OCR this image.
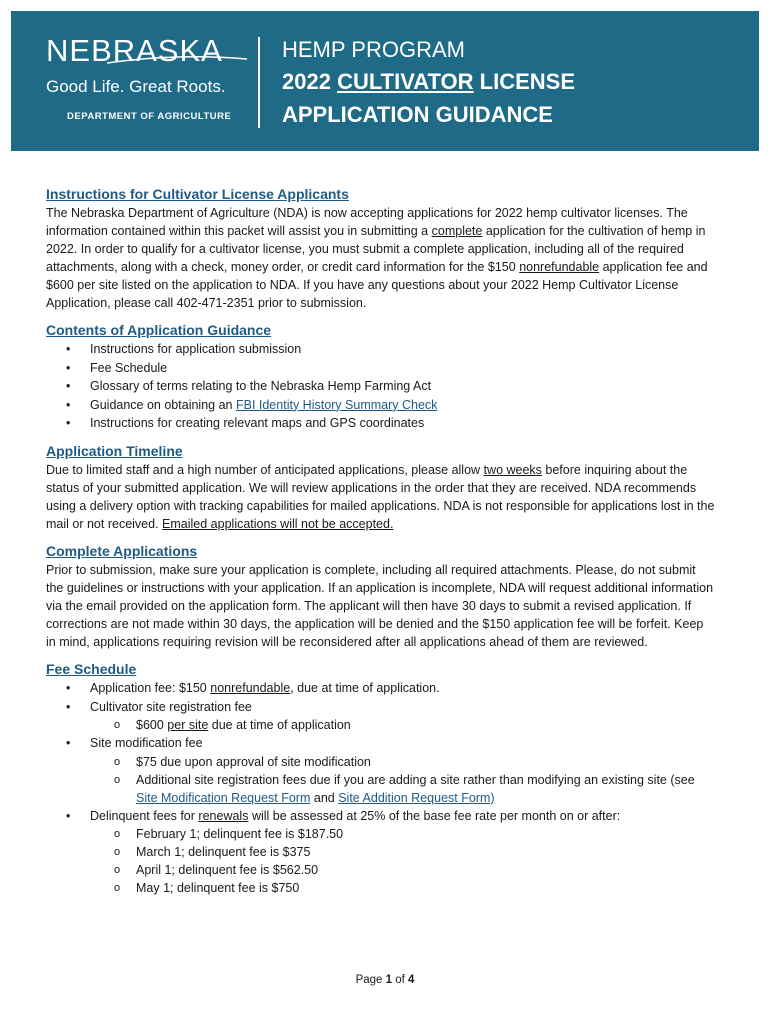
NEBRASKA
Good Life. Great Roots.
DEPARTMENT OF AGRICULTURE
HEMP PROGRAM
2022 CULTIVATOR LICENSE
APPLICATION GUIDANCE
Instructions for Cultivator License Applicants

The Nebraska Department of Agriculture (NDA) is now accepting applications for 2022 hemp cultivator licenses. The information contained within this packet will assist you in submitting a complete application for the cultivation of hemp in 2022. In order to qualify for a cultivator license, you must submit a complete application, including all of the required attachments, along with a check, money order, or credit card information for the $150 nonrefundable application fee and $600 per site listed on the application to NDA. If you have any questions about your 2022 Hemp Cultivator License Application, please call 402-471-2351 prior to submission.

Contents of Application Guidance
• Instructions for application submission
• Fee Schedule
• Glossary of terms relating to the Nebraska Hemp Farming Act
• Guidance on obtaining an FBI Identity History Summary Check
• Instructions for creating relevant maps and GPS coordinates
Application Timeline

Due to limited staff and a high number of anticipated applications, please allow two weeks before inquiring about the status of your submitted application. We will review applications in the order that they are received. NDA recommends using a delivery option with tracking capabilities for mailed applications. NDA is not responsible for applications lost in the mail or not received. Emailed applications will not be accepted.

Complete Applications

Prior to submission, make sure your application is complete, including all required attachments. Please, do not submit the guidelines or instructions with your application. If an application is incomplete, NDA will request additional information via the email provided on the application form. The applicant will then have 30 days to submit a revised application. If corrections are not made within 30 days, the application will be denied and the $150 application fee will be forfeit. Keep in mind, applications requiring revision will be reconsidered after all applications ahead of them are reviewed.

Fee Schedule
• Application fee: $150 nonrefundable, due at time of application.
• Cultivator site registration fee
o $600 per site due at time of application
• Site modification fee
o $75 due upon approval of site modification
o Additional site registration fees due if you are adding a site rather than modifying an existing site (see Site Modification Request Form and Site Addition Request Form)
• Delinquent fees for renewals will be assessed at 25% of the base fee rate per month on or after:
o February 1; delinquent fee is $187.50
o March 1; delinquent fee is $375
o April 1; delinquent fee is $562.50
o May 1; delinquent fee is $750
Page 1 of 4
